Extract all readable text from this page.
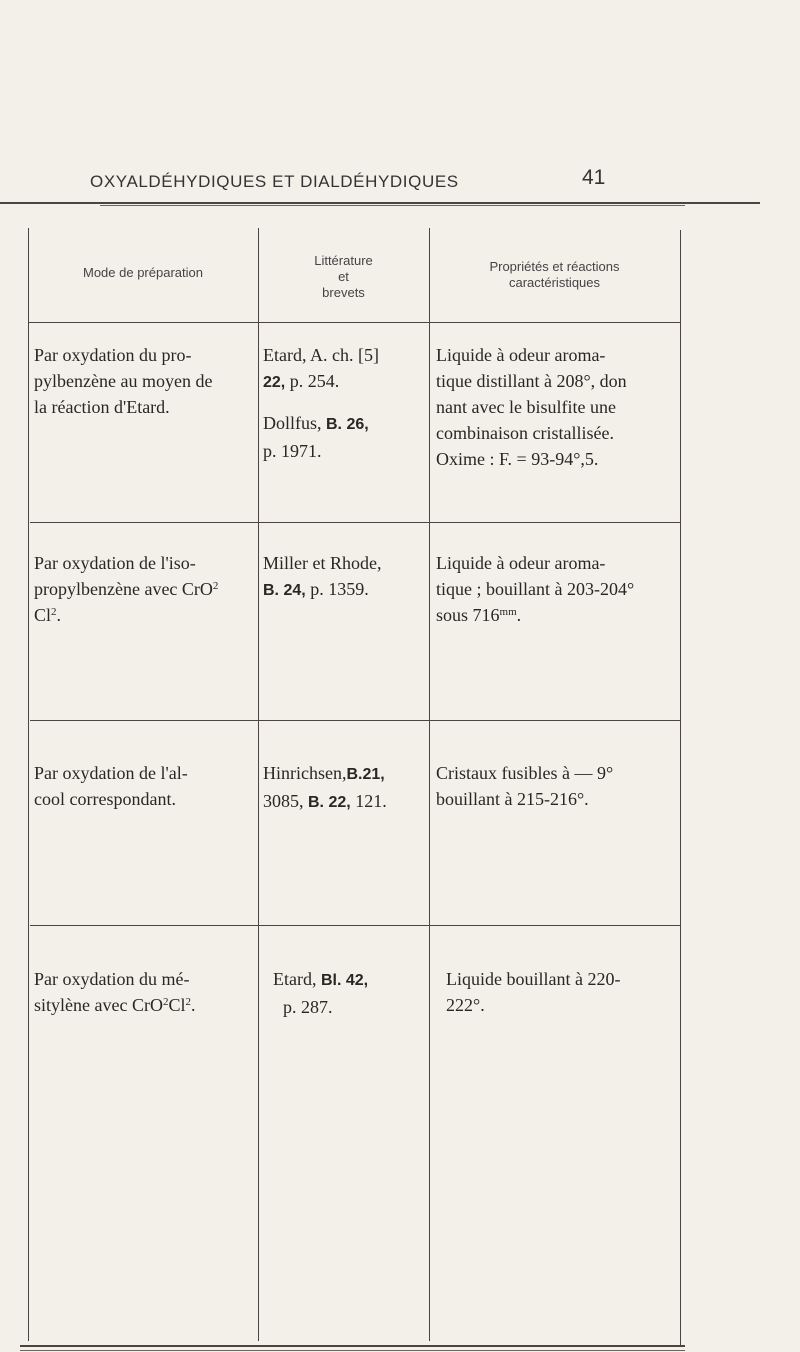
OXYALDÉHYDIQUES ET DIALDÉHYDIQUES	41
Mode de préparation
Littérature
et
brevets
Propriétés et réactions
caractéristiques
Par oxydation du pro-
pylbenzène au moyen de
la réaction d'Etard.
Etard, A. ch. [5]
22, p. 254.
Dollfus, B. 26,
p. 1971.
Liquide à odeur aroma-
tique distillant à 208°, don
nant avec le bisulfite une
combinaison cristallisée.
Oxime : F. = 93-94°,5.
Par oxydation de l'iso-
propylbenzène avec CrO$^2$
Cl$^2$.
Miller et Rhode,
B. 24, p. 1359.
Liquide à odeur aroma-
tique ; bouillant à 203-204°
sous $716^{mm}$.
Par oxydation de l'al-
cool correspondant.
Hinrichsen,B.21,
3085, B. 22, 121.
Cristaux fusibles à — 9°
bouillant à 215-216°.
Par oxydation du mé-
sitylène avec CrO$^2$Cl$^2$.
Etard, Bl. 42,
p. 287.
Liquide bouillant à 220-
222°.
